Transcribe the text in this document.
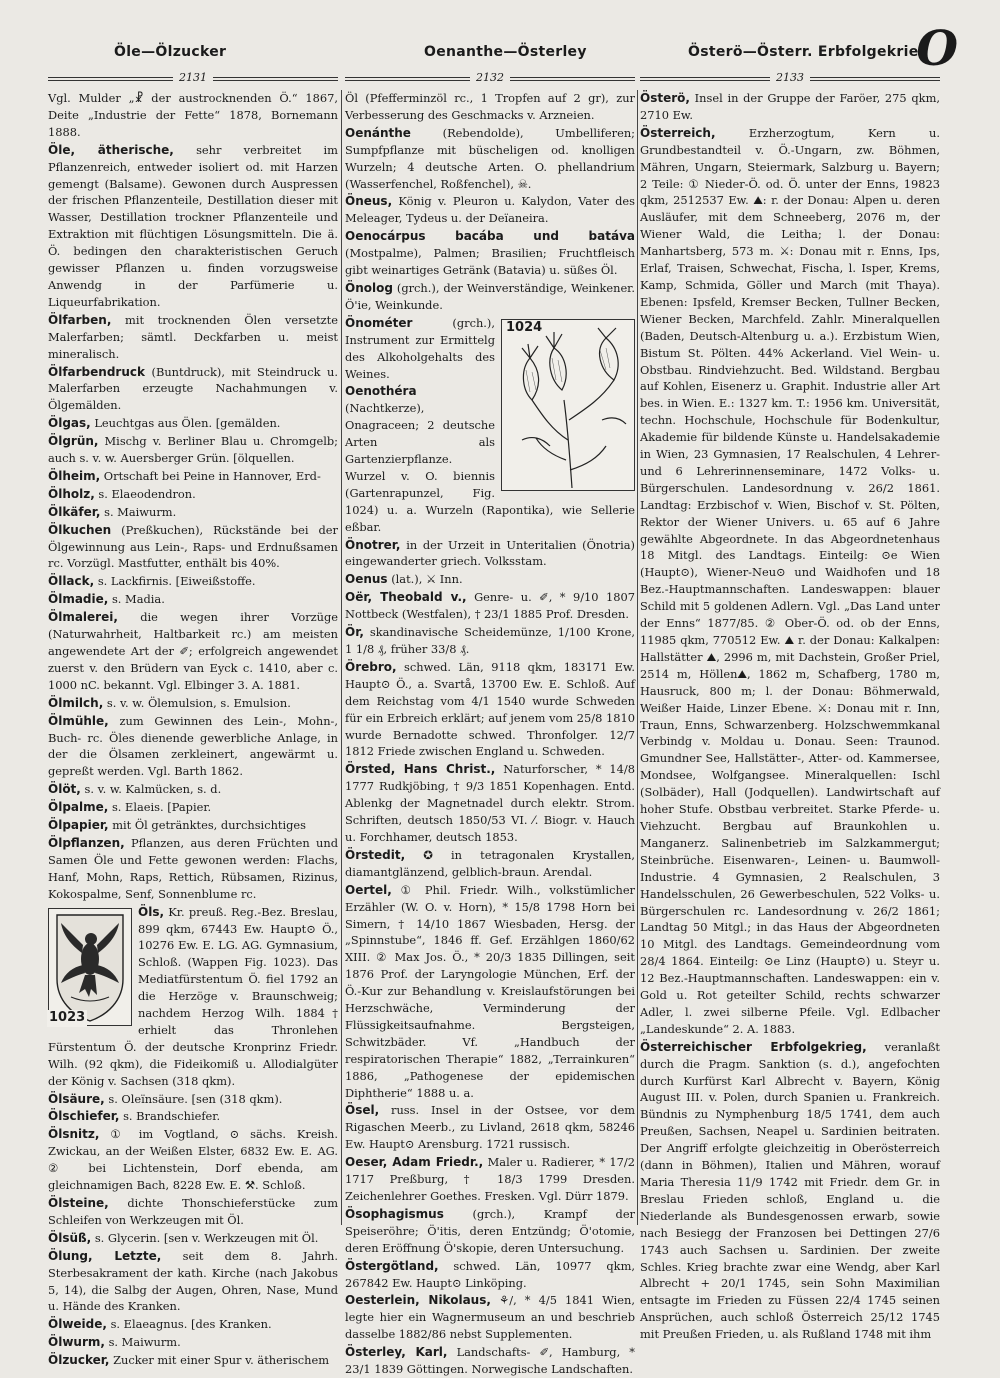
Öle—Ölzucker	Oenanthe—Österley	Österö—Österr. Erbfolgekrieg
O
2131	2132	2133
Vgl. Mulder „☧ der austrocknenden Ö.“ 1867, Deite „Industrie der Fette“ 1878, Bornemann 1888.
Öle, ätherische, sehr verbreitet im Pflanzenreich, entweder isoliert od. mit Harzen gemengt (Balsame). Gewonen durch Auspressen der frischen Pflanzenteile, Destillation dieser mit Wasser, Destillation trockner Pflanzenteile und Extraktion mit flüchtigen Lösungsmitteln. Die ä. Ö. bedingen den charakteristischen Geruch gewisser Pflanzen u. finden vorzugsweise Anwendg in der Parfümerie u. Liqueurfabrikation.
Ölfarben, mit trocknenden Ölen versetzte Malerfarben; sämtl. Deckfarben u. meist mineralisch.
Ölfarbendruck (Buntdruck), mit Steindruck u. Malerfarben erzeugte Nachahmungen v. Ölgemälden.
Ölgas, Leuchtgas aus Ölen. [gemälden.
Ölgrün, Mischg v. Berliner Blau u. Chromgelb; auch s. v. w. Auersberger Grün. [ölquellen.
Ölheim, Ortschaft bei Peine in Hannover, Erd-
Ölholz, s. Elaeodendron.
Ölkäfer, s. Maiwurm.
Ölkuchen (Preßkuchen), Rückstände bei der Ölgewinnung aus Lein-, Raps- und Erdnußsamen rc. Vorzügl. Mastfutter, enthält bis 40%.
Öllack, s. Lackfirnis. [Eiweißstoffe.
Ölmadie, s. Madia.
Ölmalerei, die wegen ihrer Vorzüge (Naturwahrheit, Haltbarkeit rc.) am meisten angewendete Art der ✐; erfolgreich angewendet zuerst v. den Brüdern van Eyck c. 1410, aber c. 1000 nC. bekannt. Vgl. Elbinger 3. A. 1881.
Ölmilch, s. v. w. Ölemulsion, s. Emulsion.
Ölmühle, zum Gewinnen des Lein-, Mohn-, Buch- rc. Öles dienende gewerbliche Anlage, in der die Ölsamen zerkleinert, angewärmt u. gepreßt werden. Vgl. Barth 1862.
Ölöt, s. v. w. Kalmücken, s. d.
Ölpalme, s. Elaeis. [Papier.
Ölpapier, mit Öl getränktes, durchsichtiges
Ölpflanzen, Pflanzen, aus deren Früchten und Samen Öle und Fette gewonen werden: Flachs, Hanf, Mohn, Raps, Rettich, Rübsamen, Rizinus, Kokospalme, Senf, Sonnenblume rc.
1023
Öls, Kr. preuß. Reg.-Bez. Breslau, 899 qkm, 67443 Ew. Haupt⊙ Ö., 10276 Ew. E. LG. AG. Gymnasium, Schloß. (Wappen Fig. 1023). Das Mediatfürstentum Ö. fiel 1792 an die Herzöge v. Braunschweig; nachdem Herzog Wilh. 1884† erhielt das Thronlehen Fürstentum Ö. der deutsche Kronprinz Friedr. Wilh. (92 qkm), die Fideikomiß u. Allodialgüter der König v. Sachsen (318 qkm).
Ölsäure, s. Oleïnsäure. [sen (318 qkm).
Ölschiefer, s. Brandschiefer.
Ölsnitz, ① im Vogtland, ⊙ sächs. Kreish. Zwickau, an der Weißen Elster, 6832 Ew. E. AG. ② bei Lichtenstein, Dorf ebenda, am gleichnamigen Bach, 8228 Ew. E. ⚒. Schloß.
Ölsteine, dichte Thonschieferstücke zum Schleifen von Werkzeugen mit Öl.
Ölsüß, s. Glycerin. [sen v. Werkzeugen mit Öl.
Ölung, Letzte, seit dem 8. Jahrh. Sterbesakrament der kath. Kirche (nach Jakobus 5, 14), die Salbg der Augen, Ohren, Nase, Mund u. Hände des Kranken.
Ölweide, s. Elaeagnus. [des Kranken.
Ölwurm, s. Maiwurm.
Ölzucker, Zucker mit einer Spur v. ätherischem
Öl (Pfefferminzöl rc., 1 Tropfen auf 2 gr), zur Verbesserung des Geschmacks v. Arzneien.
Oenánthe	(Rebendolde), Umbelliferen; Sumpfpflanze mit büscheligen od. knolligen Wurzeln; 4 deutsche Arten. O. phellandrium (Wasserfenchel, Roßfenchel), ☠.
Öneus, König v. Pleuron u. Kalydon, Vater des Meleager, Tydeus u. der Deïaneira.
Oenocárpus bacába und batáva (Mostpalme), Palmen; Brasilien; Fruchtfleisch gibt weinartiges Getränk (Batavia) u. süßes Öl.
Önolog (grch.), der Weinverständige, Weinkener. Ö'ie, Weinkunde.
1024
Önométer	(grch.), Instrument zur Ermittelg des Alkoholgehalts des Weines.
Oenothéra (Nachtkerze), Onagraceen; 2 deutsche Arten als Gartenzierpflanze. Wurzel v. O. biennis (Gartenrapunzel, Fig. 1024) u. a. Wurzeln (Rapontika), wie Sellerie eßbar.
Önotrer, in der Urzeit in Unteritalien (Önotria) eingewanderter griech. Volksstam.
Oenus (lat.), ⚔ Inn.
Oër, Theobald v., Genre- u. ✐, * 9/10 1807 Nottbeck (Westfalen), † 23/1 1885 Prof. Dresden.
Ör, skandinavische Scheidemünze, 1/100 Krone, 1 1/8 ₰, früher 33/8 ₰.
Örebro, schwed. Län, 9118 qkm, 183171 Ew. Haupt⊙ Ö., a. Svartå, 13700 Ew. E. Schloß. Auf dem Reichstag vom 4/1 1540 wurde Schweden für ein Erbreich erklärt; auf jenem vom 25/8 1810 wurde Bernadotte schwed. Thronfolger. 12/7 1812 Friede zwischen England u. Schweden.
Örsted, Hans Christ., Naturforscher, * 14/8 1777 Rudkjöbing, † 9/3 1851 Kopenhagen. Entd. Ablenkg der Magnetnadel durch elektr. Strom. Schriften, deutsch 1850/53 VI. ⁄. Biogr. v. Hauch u. Forchhamer, deutsch 1853.
Örstedit, ✪ in tetragonalen Krystallen, diamantglänzend, gelblich-braun. Arendal.
Oertel, ① Phil. Friedr. Wilh., volkstümlicher Erzähler (W. O. v. Horn), * 15/8 1798 Horn bei Simern, † 14/10 1867 Wiesbaden, Hersg. der „Spinnstube“, 1846 ff. Gef. Erzählgen 1860/62 XIII. ② Max Jos. Ö., * 20/3 1835 Dillingen, seit 1876 Prof. der Laryngologie München, Erf. der Ö.-Kur zur Behandlung v. Kreislaufstörungen bei Herzschwäche, Verminderung der Flüssigkeitsaufnahme. Bergsteigen, Schwitzbäder. Vf. „Handbuch der respiratorischen Therapie“ 1882, „Terrainkuren“ 1886, „Pathogenese der epidemischen Diphtherie“ 1888 u. a.
Ösel, russ. Insel in der Ostsee, vor dem Rigaschen Meerb., zu Livland, 2618 qkm, 58246 Ew. Haupt⊙ Arensburg. 1721 russisch.
Oeser, Adam Friedr., Maler u. Radierer, * 17/2 1717 Preßburg, † 18/3 1799 Dresden. Zeichenlehrer Goethes. Fresken. Vgl. Dürr 1879.
Ösophagismus	(grch.), Krampf der Speiseröhre; Ö'itis, deren Entzündg; Ö'otomie, deren Eröffnung Ö'skopie, deren Untersuchung.
Östergötland, schwed. Län, 10977 qkm, 267842 Ew. Haupt⊙ Linköping.
Oesterlein, Nikolaus, ⚘/, * 4/5 1841 Wien, legte hier ein Wagnermuseum an und beschrieb dasselbe 1882/86 nebst Supplementen.
Österley, Karl, Landschafts- ✐, Hamburg, * 23/1 1839 Göttingen. Norwegische Landschaften.
Österö, Insel in der Gruppe der Faröer, 275 qkm, 2710 Ew.
Österreich,	Erzherzogtum, Kern u. Grundbestandteil v. Ö.-Ungarn, zw. Böhmen, Mähren, Ungarn, Steiermark, Salzburg u. Bayern; 2 Teile: ① Nieder-Ö. od. Ö. unter der Enns, 19823 qkm, 2512537 Ew. ⛰: r. der Donau: Alpen u. deren Ausläufer, mit dem Schneeberg, 2076 m, der Wiener Wald, die Leitha; l. der Donau: Manhartsberg, 573 m. ⚔: Donau mit r. Enns, Ips, Erlaf, Traisen, Schwechat, Fischa, l. Isper, Krems, Kamp, Schmida, Göller und March (mit Thaya). Ebenen: Ipsfeld, Kremser Becken, Tullner Becken, Wiener Becken, Marchfeld. Zahlr. Mineralquellen (Baden, Deutsch-Altenburg u. a.). Erzbistum Wien, Bistum St. Pölten. 44% Ackerland. Viel Wein- u. Obstbau. Rindviehzucht. Bed. Wildstand. Bergbau auf Kohlen, Eisenerz u. Graphit. Industrie aller Art bes. in Wien. E.: 1327 km. T.: 1956 km. Universität, techn. Hochschule, Hochschule für Bodenkultur, Akademie für bildende Künste u. Handelsakademie in Wien, 23 Gymnasien, 17 Realschulen, 4 Lehrer- und 6 Lehrerinnenseminare, 1472 Volks- u. Bürgerschulen. Landesordnung v. 26/2 1861. Landtag: Erzbischof v. Wien, Bischof v. St. Pölten, Rektor der Wiener Univers. u. 65 auf 6 Jahre gewählte Abgeordnete. In das Abgeordnetenhaus 18 Mitgl. des Landtags. Einteilg: ⊙e Wien (Haupt⊙), Wiener-Neu⊙ und Waidhofen und 18 Bez.-Hauptmannschaften. Landeswappen: blauer Schild mit 5 goldenen Adlern. Vgl. „Das Land unter der Enns“ 1877/85. ② Ober-Ö. od. ob der Enns, 11985 qkm, 770512 Ew. ⛰ r. der Donau: Kalkalpen: Hallstätter ⛰, 2996 m, mit Dachstein, Großer Priel, 2514 m, Höllen⛰, 1862 m, Schafberg, 1780 m, Hausruck, 800 m; l. der Donau: Böhmerwald, Weißer Haide, Linzer Ebene. ⚔: Donau mit r. Inn, Traun, Enns, Schwarzenberg. Holzschwemmkanal Verbindg v. Moldau u. Donau. Seen: Traunod. Gmundner See, Hallstätter-, Atter- od. Kammersee, Mondsee, Wolfgangsee. Mineralquellen: Ischl (Solbäder), Hall (Jodquellen). Landwirtschaft auf hoher Stufe. Obstbau verbreitet. Starke Pferde- u. Viehzucht. Bergbau auf Braunkohlen u. Manganerz. Salinenbetrieb im Salzkammergut; Steinbrüche. Eisenwaren-, Leinen- u. Baumwoll-Industrie. 4 Gymnasien, 2 Realschulen, 3 Handelsschulen, 26 Gewerbeschulen, 522 Volks- u. Bürgerschulen rc. Landesordnung v. 26/2 1861; Landtag 50 Mitgl.; in das Haus der Abgeordneten 10 Mitgl. des Landtags. Gemeindeordnung vom 28/4 1864. Einteilg: ⊙e Linz (Haupt⊙) u. Steyr u. 12 Bez.-Hauptmannschaften. Landeswappen: ein v. Gold u. Rot geteilter Schild, rechts schwarzer Adler, l. zwei silberne Pfeile. Vgl. Edlbacher „Landeskunde“ 2. A. 1883.
Österreichischer Erbfolgekrieg, veranlaßt durch die Pragm. Sanktion (s. d.), angefochten durch Kurfürst Karl Albrecht v. Bayern, König August III. v. Polen, durch Spanien u. Frankreich. Bündnis zu Nymphenburg 18/5 1741, dem auch Preußen, Sachsen, Neapel u. Sardinien beitraten. Der Angriff erfolgte gleichzeitig in Oberösterreich (dann in Böhmen), Italien und Mähren, worauf Maria Theresia 11/9 1742 mit Friedr. dem Gr. in Breslau Frieden schloß, England u. die Niederlande als Bundesgenossen erwarb, sowie nach Besiegg der Franzosen bei Dettingen 27/6 1743 auch Sachsen u. Sardinien. Der zweite Schles. Krieg brachte zwar eine Wendg, aber Karl Albrecht + 20/1 1745, sein Sohn Maximilian entsagte im Frieden zu Füssen 22/4 1745 seinen Ansprüchen, auch schloß Österreich 25/12 1745 mit Preußen Frieden, u. als Rußland 1748 mit ihm
